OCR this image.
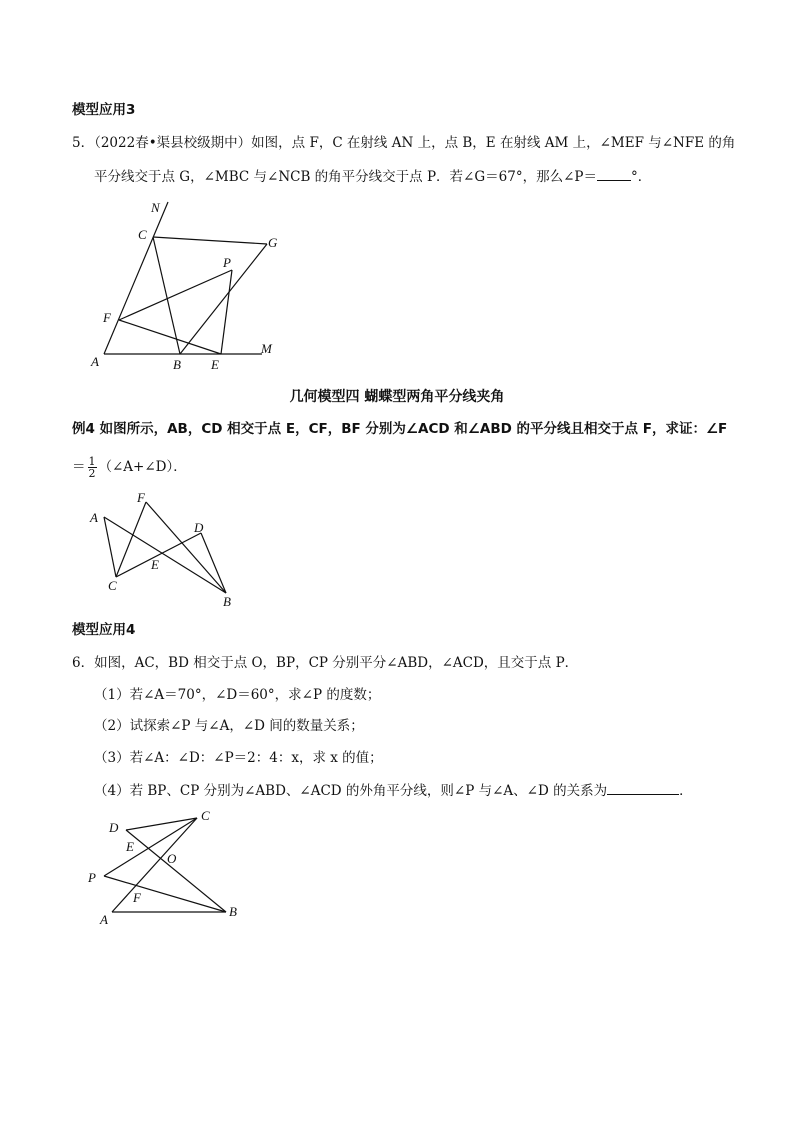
模型应用3
5．（2022春•渠县校级期中）如图，点 F，C 在射线 AN 上，点 B，E 在射线 AM 上，∠MEF 与∠NFE 的角
平分线交于点 G，∠MBC 与∠NCB 的角平分线交于点 P．若∠G＝67°，那么∠P＝	°．
N
C
G
P
F
A	B E
M
几何模型四 蝴蝶型两角平分线夹角
例4 如图所示，AB，CD 相交于点 E，CF，BF 分别为∠ACD 和∠ABD 的平分线且相交于点 F，求证：∠F
＝ $\frac{1}{2}$ （∠A+∠D）．
F
A
D
E
C
B
模型应用4
6．如图，AC，BD 相交于点 O，BP，CP 分别平分∠ABD，∠ACD，且交于点 P．
（1）若∠A＝70°，∠D＝60°，求∠P 的度数；
（2）试探索∠P 与∠A，∠D 间的数量关系；
（3）若∠A：∠D：∠P＝2：4：x，求 x 的值；
（4）若 BP、CP 分别为∠ABD、∠ACD 的外角平分线，则∠P 与∠A、∠D 的关系为	．
D
C
E
O
P
F
A
B
